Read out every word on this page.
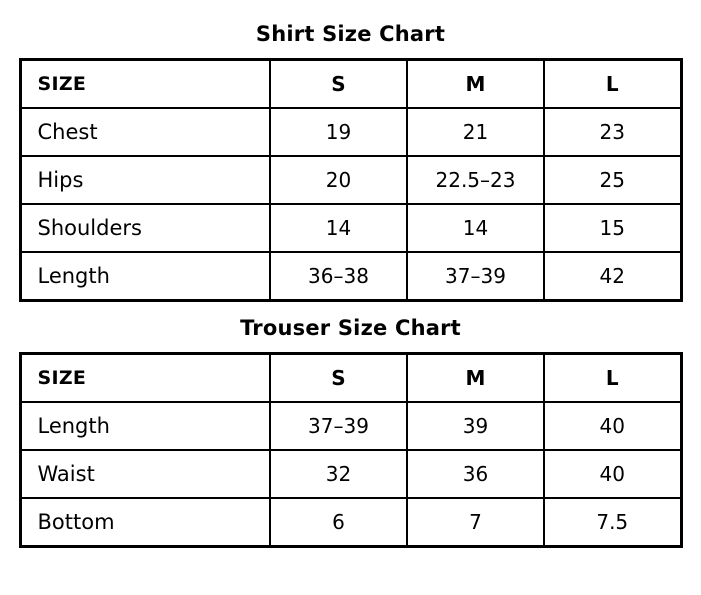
Shirt Size Chart
SIZE	S	M	L
Chest	19	21	23
Hips	20	22.5–23	25
Shoulders	14	14	15
Length	36–38	37–39	42
Trouser Size Chart
SIZE	S	M	L
Length	37–39	39	40
Waist	32	36	40
Bottom	6	7	7.5
